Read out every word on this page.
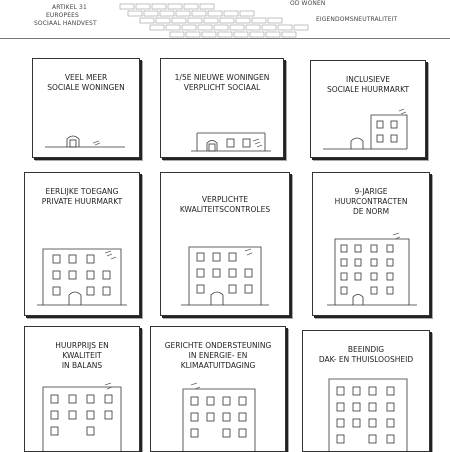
ARTIKEL 31
EUROPEES
SOCIAAL HANDVEST
OD WONEN
EIGENDOMSNEUTRALITEIT
VEEL MEER
SOCIALE WONINGEN
1/5E NIEUWE WONINGEN
VERPLICHT SOCIAAL
INCLUSIEVE
SOCIALE HUURMARKT
EERLIJKE TOEGANG
PRIVATE HUURMARKT	VERPLICHTE
KWALITEITSCONTROLES
9-JARIGE
HUURCONTRACTEN
DE NORM
HUURPRIJS EN
KWALITEIT
IN BALANS
GERICHTE ONDERSTEUNING
IN ENERGIE- EN
KLIMAATUITDAGING
BEEINDIG
DAK- EN THUISLOOSHEID
